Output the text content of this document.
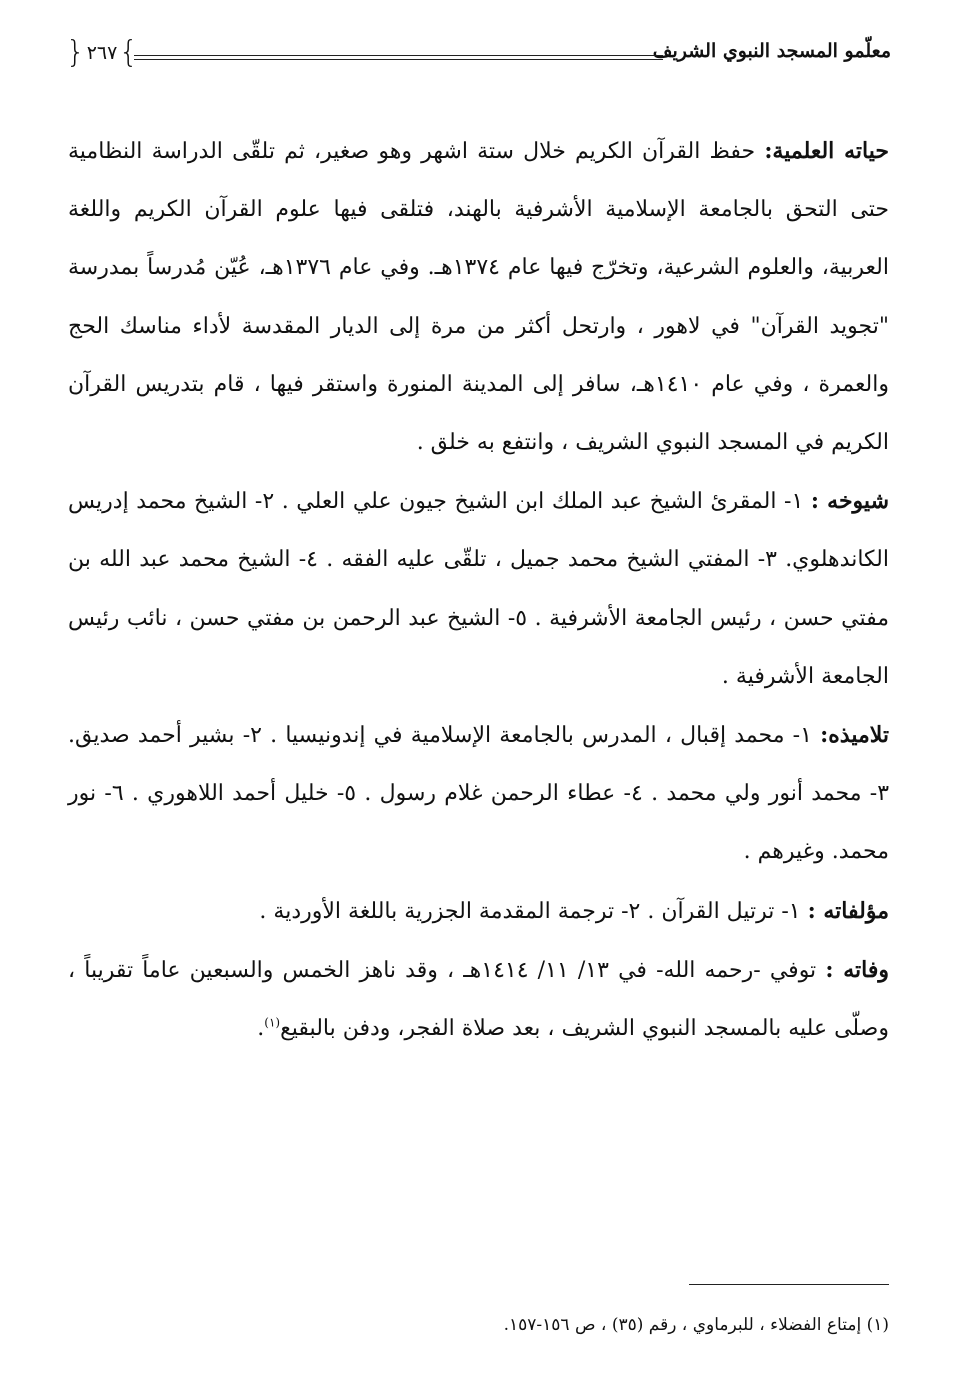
معلّمو المسجد النبوي الشريف
}
٢٦٧
{

حياته العلمية: حفظ القرآن الكريم خلال ستة اشهر وهو صغير، ثم تلقّى الدراسة النظامية حتى التحق بالجامعة الإسلامية الأشرفية بالهند، فتلقى فيها علوم القرآن الكريم واللغة العربية، والعلوم الشرعية، وتخرّج فيها عام ١٣٧٤هـ. وفي عام ١٣٧٦هـ، عُيّن مُدرساً بمدرسة "تجويد القرآن" في لاهور ، وارتحل أكثر من مرة إلى الديار المقدسة لأداء مناسك الحج والعمرة ، وفي عام ١٤١٠هـ، سافر إلى المدينة المنورة واستقر فيها ، قام بتدريس القرآن الكريم في المسجد النبوي الشريف ، وانتفع به خلق .

شيوخه : ١- المقرئ الشيخ عبد الملك ابن الشيخ جيون علي العلي . ٢- الشيخ محمد إدريس الكاندهلوي. ٣- المفتي الشيخ محمد جميل ، تلقّى عليه الفقه . ٤- الشيخ محمد عبد الله بن مفتي حسن ، رئيس الجامعة الأشرفية . ٥- الشيخ عبد الرحمن بن مفتي حسن ، نائب رئيس الجامعة الأشرفية .

تلاميذه: ١- محمد إقبال ، المدرس بالجامعة الإسلامية في إندونيسيا . ٢- بشير أحمد صديق. ٣- محمد أنور ولي محمد . ٤- عطاء الرحمن غلام رسول . ٥- خليل أحمد اللاهوري . ٦- نور محمد. وغيرهم .

مؤلفاته : ١- ترتيل القرآن . ٢- ترجمة المقدمة الجزرية باللغة الأوردية .

وفاته : توفي -رحمه الله- في ١٣/ ١١/ ١٤١٤هـ ، وقد ناهز الخمس والسبعين عاماً تقريباً ، وصلّى عليه بالمسجد النبوي الشريف ، بعد صلاة الفجر، ودفن بالبقيع$^{(١)}$.

(١) إمتاع الفضلاء ، للبرماوي ، رقم (٣٥) ، ص ١٥٦-١٥٧.
